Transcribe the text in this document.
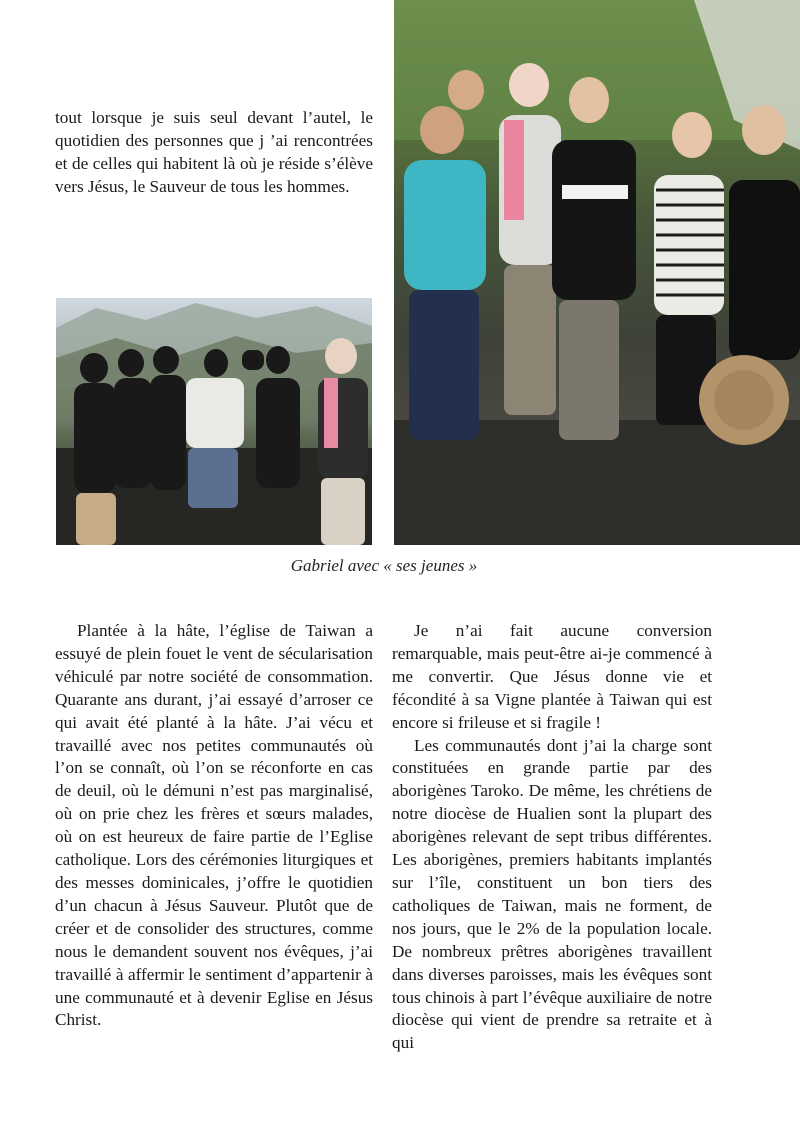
tout lorsque je suis seul devant l’autel, le quotidien des personnes que j ’ai rencontrées et de celles qui habitent là où je réside s’élève vers Jésus, le Sauveur de tous les hommes.

Gabriel avec « ses jeunes »
Plantée à la hâte, l’église de Taiwan a essuyé de plein fouet le vent de sécularisation véhiculé par notre société de consommation. Quarante ans durant, j’ai essayé d’arroser ce qui avait été planté à la hâte. J’ai vécu et travaillé avec nos petites communautés où l’on se connaît, où l’on se réconforte en cas de deuil, où le démuni n’est pas marginalisé, où on prie chez les frères et sœurs malades, où on est heureux de faire partie de l’Eglise catholique. Lors des cérémonies liturgiques et des messes dominicales, j’offre le quotidien d’un chacun à Jésus Sauveur. Plutôt que de créer et de consolider des structures, comme nous le demandent souvent nos évêques, j’ai travaillé à affermir le sentiment d’appartenir à une communauté et à devenir Eglise en Jésus Christ.

Je n’ai fait aucune conversion remarquable, mais peut-être ai-je commencé à me convertir. Que Jésus donne vie et fécondité à sa Vigne plantée à Taiwan qui est encore si frileuse et si fragile !

Les communautés dont j’ai la charge sont constituées en grande partie par des aborigènes Taroko. De même, les chrétiens de notre diocèse de Hualien sont la plupart des aborigènes relevant de sept tribus différentes. Les aborigènes, premiers habitants implantés sur l’île, constituent un bon tiers des catholiques de Taiwan, mais ne forment, de nos jours, que le 2% de la population locale. De nombreux prêtres aborigènes travaillent dans diverses paroisses, mais les évêques sont tous chinois à part l’évêque auxiliaire de notre diocèse qui vient de prendre sa retraite et à qui
